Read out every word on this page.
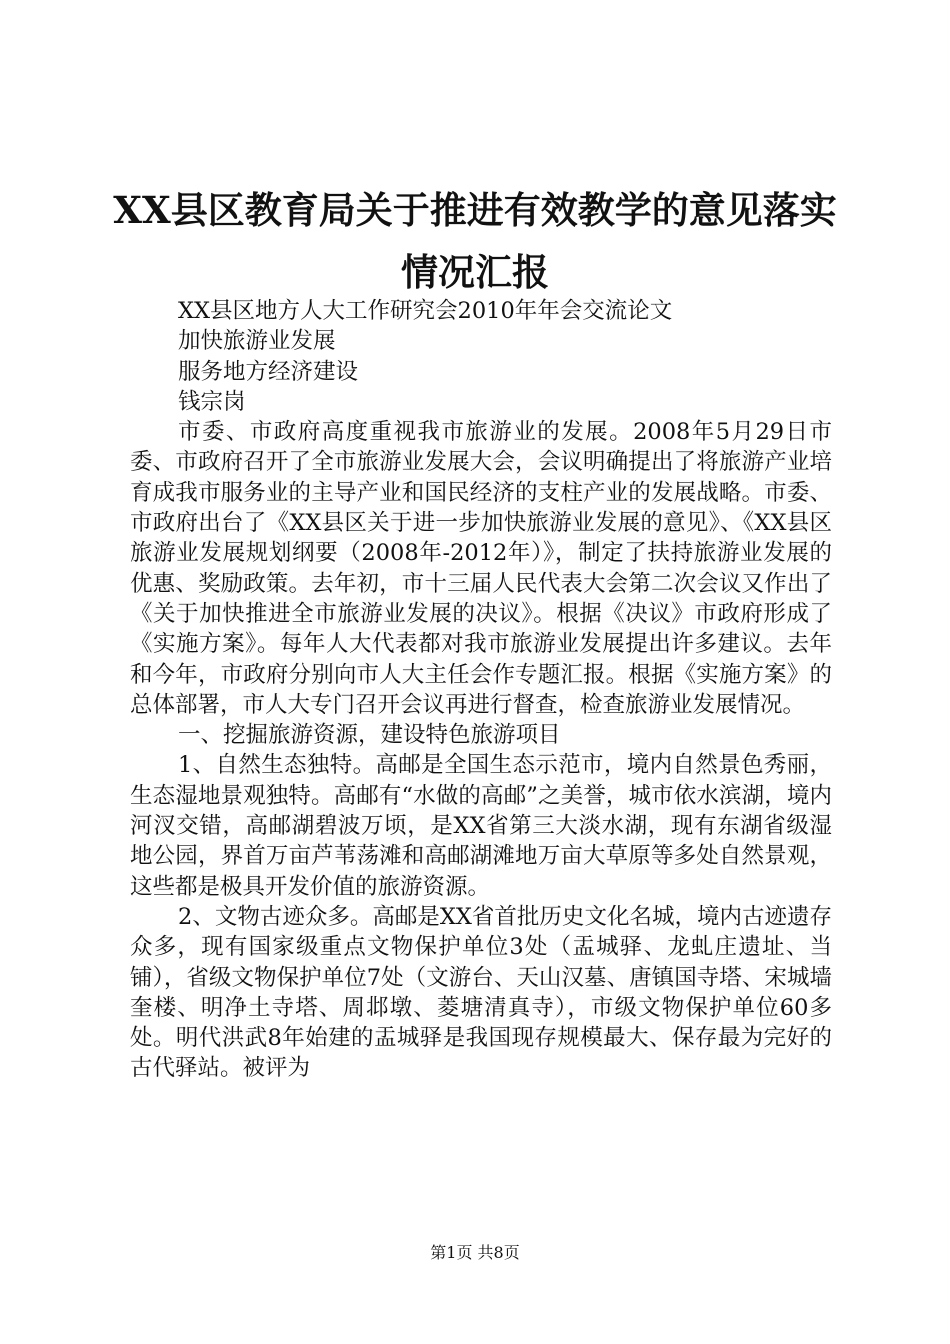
XX县区教育局关于推进有效教学的意见落实
情况汇报
XX县区地方人大工作研究会2010年年会交流论文
加快旅游业发展
服务地方经济建设
钱宗岗
市委、市政府高度重视我市旅游业的发展。2008年5月29日市委、市政府召开了全市旅游业发展大会，会议明确提出了将旅游产业培育成我市服务业的主导产业和国民经济的支柱产业的发展战略。市委、市政府出台了《XX县区关于进一步加快旅游业发展的意见》、《XX县区旅游业发展规划纲要（2008年-2012年）》，制定了扶持旅游业发展的优惠、奖励政策。去年初，市十三届人民代表大会第二次会议又作出了《关于加快推进全市旅游业发展的决议》。根据《决议》市政府形成了《实施方案》。每年人大代表都对我市旅游业发展提出许多建议。去年和今年，市政府分别向市人大主任会作专题汇报。根据《实施方案》的总体部署，市人大专门召开会议再进行督查，检查旅游业发展情况。
一、挖掘旅游资源，建设特色旅游项目
1、自然生态独特。高邮是全国生态示范市，境内自然景色秀丽，生态湿地景观独特。高邮有“水做的高邮”之美誉，城市依水滨湖，境内河汊交错，高邮湖碧波万顷，是XX省第三大淡水湖，现有东湖省级湿地公园，界首万亩芦苇荡滩和高邮湖滩地万亩大草原等多处自然景观，这些都是极具开发价值的旅游资源。
2、文物古迹众多。高邮是XX省首批历史文化名城，境内古迹遗存众多，现有国家级重点文物保护单位3处（盂城驿、龙虬庄遗址、当铺），省级文物保护单位7处（文游台、天山汉墓、唐镇国寺塔、宋城墙奎楼、明净土寺塔、周邶墩、菱塘清真寺），市级文物保护单位60多处。明代洪武8年始建的盂城驿是我国现存规模最大、保存最为完好的古代驿站。被评为
第1页 共8页
